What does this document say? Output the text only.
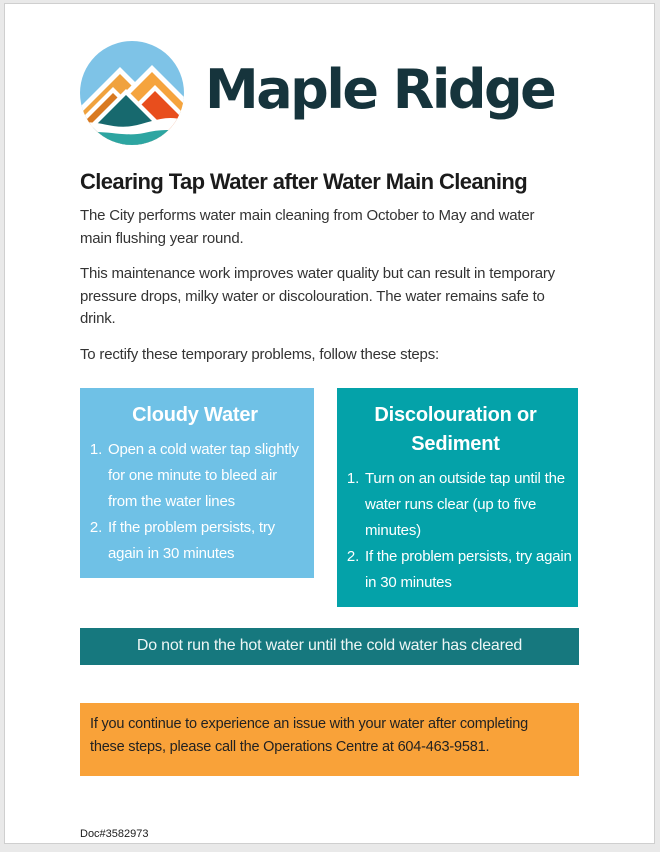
Maple Ridge
Clearing Tap Water after Water Main Cleaning

The City performs water main cleaning from October to May and water main flushing year round.

This maintenance work improves water quality but can result in temporary pressure drops, milky water or discolouration. The water remains safe to drink.

To rectify these temporary problems, follow these steps:

Cloudy Water
1. Open a cold water tap slightly for one minute to bleed air from the water lines
2. If the problem persists, try again in 30 minutes
Discolouration or Sediment
1. Turn on an outside tap until the water runs clear (up to five minutes)
2. If the problem persists, try again in 30 minutes
Do not run the hot water until the cold water has cleared
If you continue to experience an issue with your water after completing these steps, please call the Operations Centre at 604-463-9581.
Doc#3582973
